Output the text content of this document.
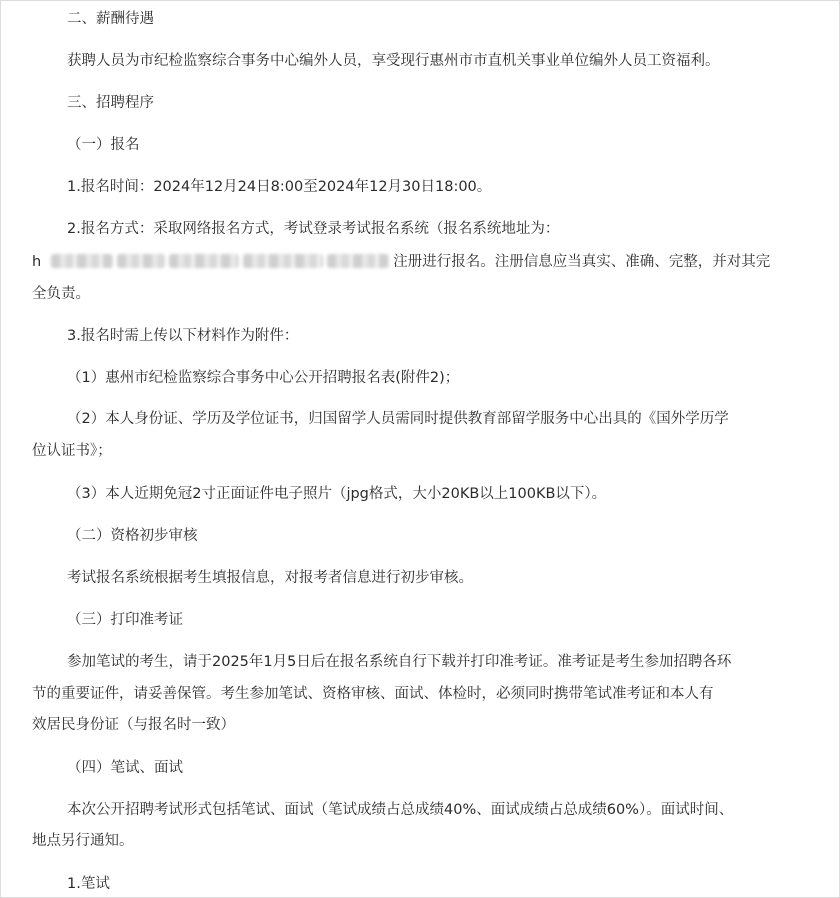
二、薪酬待遇
获聘人员为市纪检监察综合事务中心编外人员，享受现行惠州市市直机关事业单位编外人员工资福利。
三、招聘程序
（一）报名
1.报名时间：2024年12月24日8:00至2024年12月30日18:00。
2.报名方式：采取网络报名方式，考试登录考试报名系统（报名系统地址为：
h	注册进行报名。注册信息应当真实、准确、完整，并对其完
全负责。
3.报名时需上传以下材料作为附件：
（1）惠州市纪检监察综合事务中心公开招聘报名表(附件2)；
（2）本人身份证、学历及学位证书，归国留学人员需同时提供教育部留学服务中心出具的《国外学历学
位认证书》；
（3）本人近期免冠2寸正面证件电子照片（jpg格式，大小20KB以上100KB以下）。
（二）资格初步审核
考试报名系统根据考生填报信息，对报考者信息进行初步审核。
（三）打印准考证
参加笔试的考生，请于2025年1月5日后在报名系统自行下载并打印准考证。准考证是考生参加招聘各环
节的重要证件，请妥善保管。考生参加笔试、资格审核、面试、体检时，必须同时携带笔试准考证和本人有
效居民身份证（与报名时一致）
（四）笔试、面试
本次公开招聘考试形式包括笔试、面试（笔试成绩占总成绩40%、面试成绩占总成绩60%）。面试时间、
地点另行通知。
1.笔试
